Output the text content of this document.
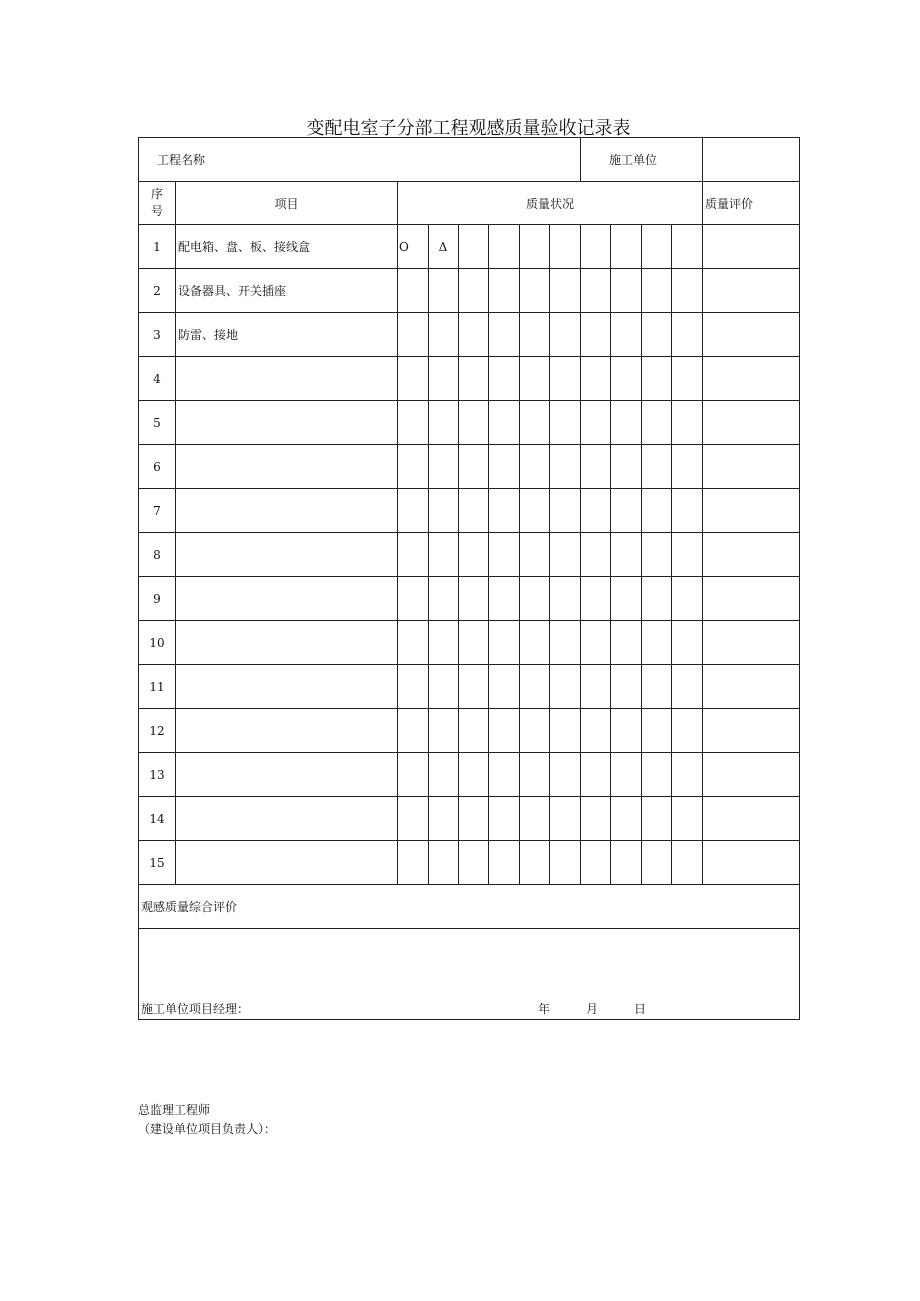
变配电室子分部工程观感质量验收记录表
工程名称								施工单位				
序
号	项目	质量状况										质量评价
1	配电箱、盘、板、接线盒	O	Δ									
2	设备器具、开关插座											
3	防雷、接地											
4												
5												
6												
7												
8												
9												
10												
11												
12												
13												
14												
15												
观感质量综合评价												

施工单位项目经理： 年 月 日												
总监理工程师
（建设单位项目负责人）：
